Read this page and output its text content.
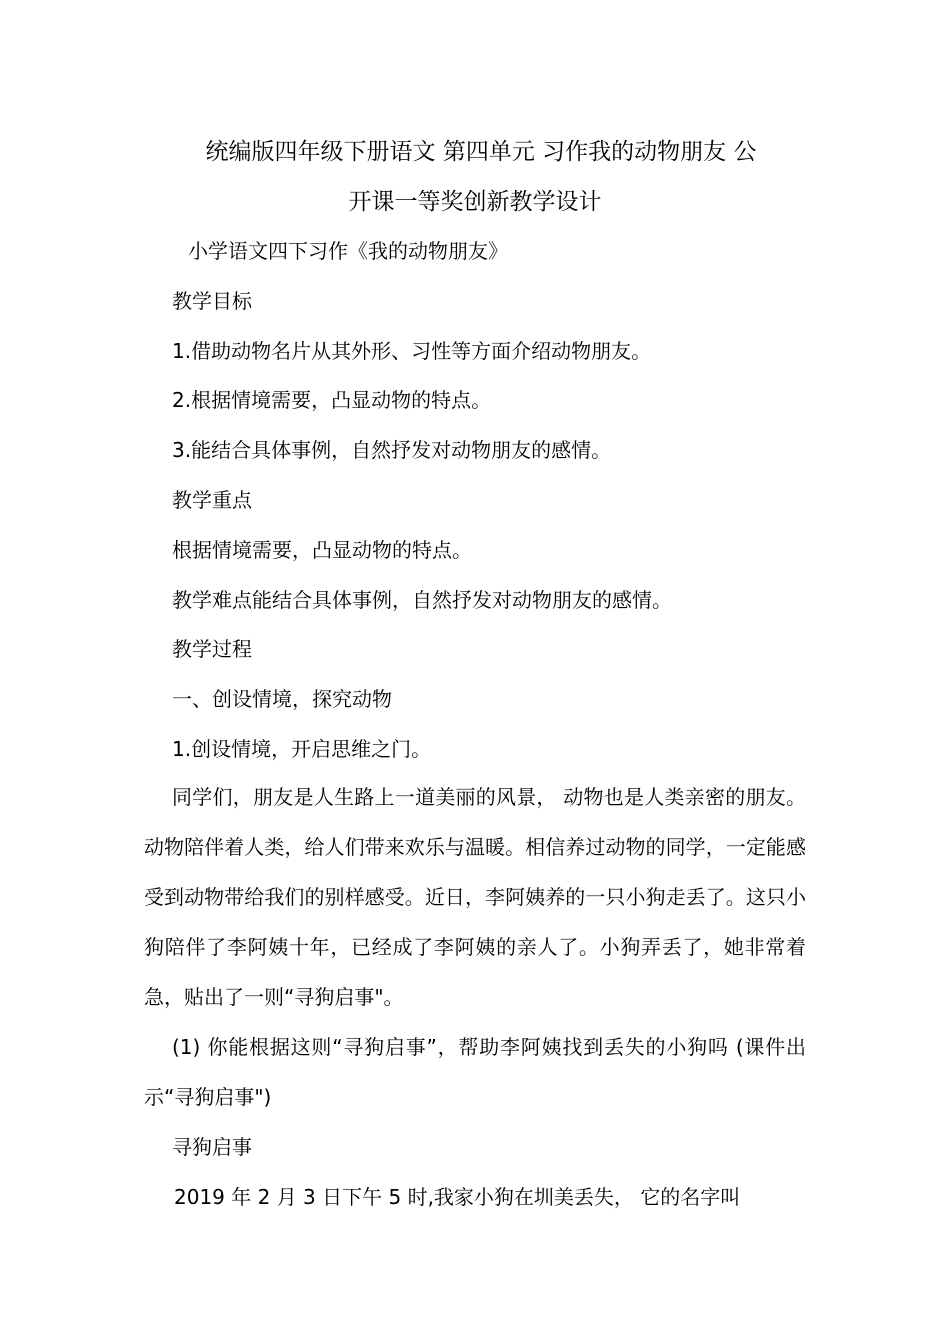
统编版四年级下册语文 第四单元 习作我的动物朋友 公
开课一等奖创新教学设计
小学语文四下习作《我的动物朋友》
教学目标
1.借助动物名片从其外形、习性等方面介绍动物朋友。
2.根据情境需要，凸显动物的特点。
3.能结合具体事例，自然抒发对动物朋友的感情。
教学重点
根据情境需要，凸显动物的特点。
教学难点能结合具体事例，自然抒发对动物朋友的感情。
教学过程
一、创设情境，探究动物
1.创设情境，开启思维之门。
同学们，朋友是人生路上一道美丽的风景， 动物也是人类亲密的朋友。动物陪伴着人类，给人们带来欢乐与温暖。相信养过动物的同学，一定能感受到动物带给我们的别样感受。近日，李阿姨养的一只小狗走丢了。这只小狗陪伴了李阿姨十年，已经成了李阿姨的亲人了。小狗弄丢了，她非常着急，贴出了一则“寻狗启事"。
(1) 你能根据这则“寻狗启事”，帮助李阿姨找到丢失的小狗吗 (课件出示“寻狗启事")
寻狗启事
2019 年 2 月 3 日下午 5 时,我家小狗在圳美丢失， 它的名字叫
